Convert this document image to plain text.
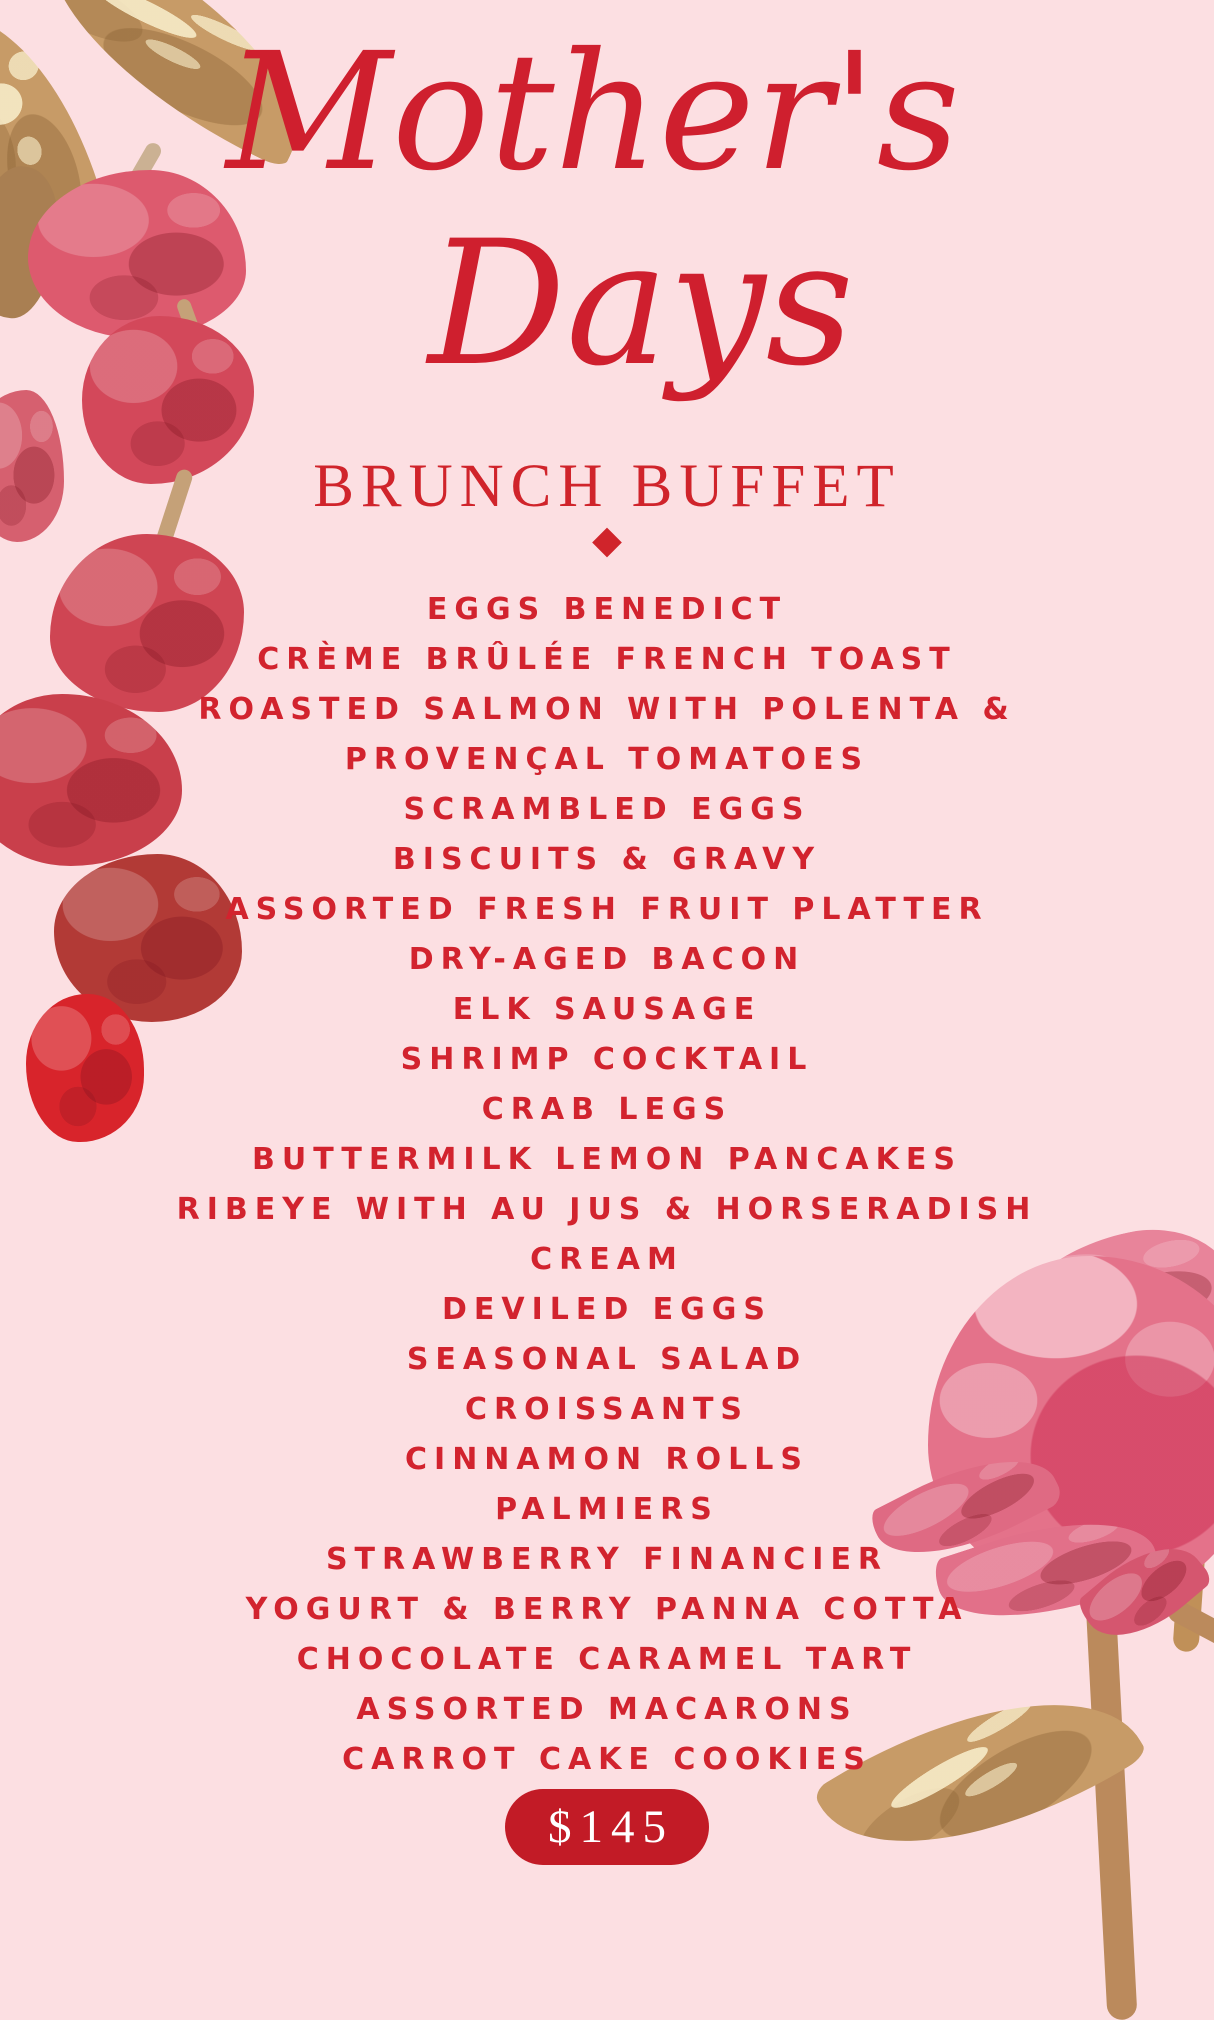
Mother's
Days
BRUNCH BUFFET
EGGS BENEDICT
CRÈME BRÛLÉE FRENCH TOAST
ROASTED SALMON WITH POLENTA & PROVENÇAL TOMATOES
SCRAMBLED EGGS
BISCUITS & GRAVY
ASSORTED FRESH FRUIT PLATTER
DRY-AGED BACON
ELK SAUSAGE
SHRIMP COCKTAIL
CRAB LEGS
BUTTERMILK LEMON PANCAKES
RIBEYE WITH AU JUS & HORSERADISH CREAM
DEVILED EGGS
SEASONAL SALAD
CROISSANTS
CINNAMON ROLLS
PALMIERS
STRAWBERRY FINANCIER
YOGURT & BERRY PANNA COTTA
CHOCOLATE CARAMEL TART
ASSORTED MACARONS
CARROT CAKE COOKIES
$145
